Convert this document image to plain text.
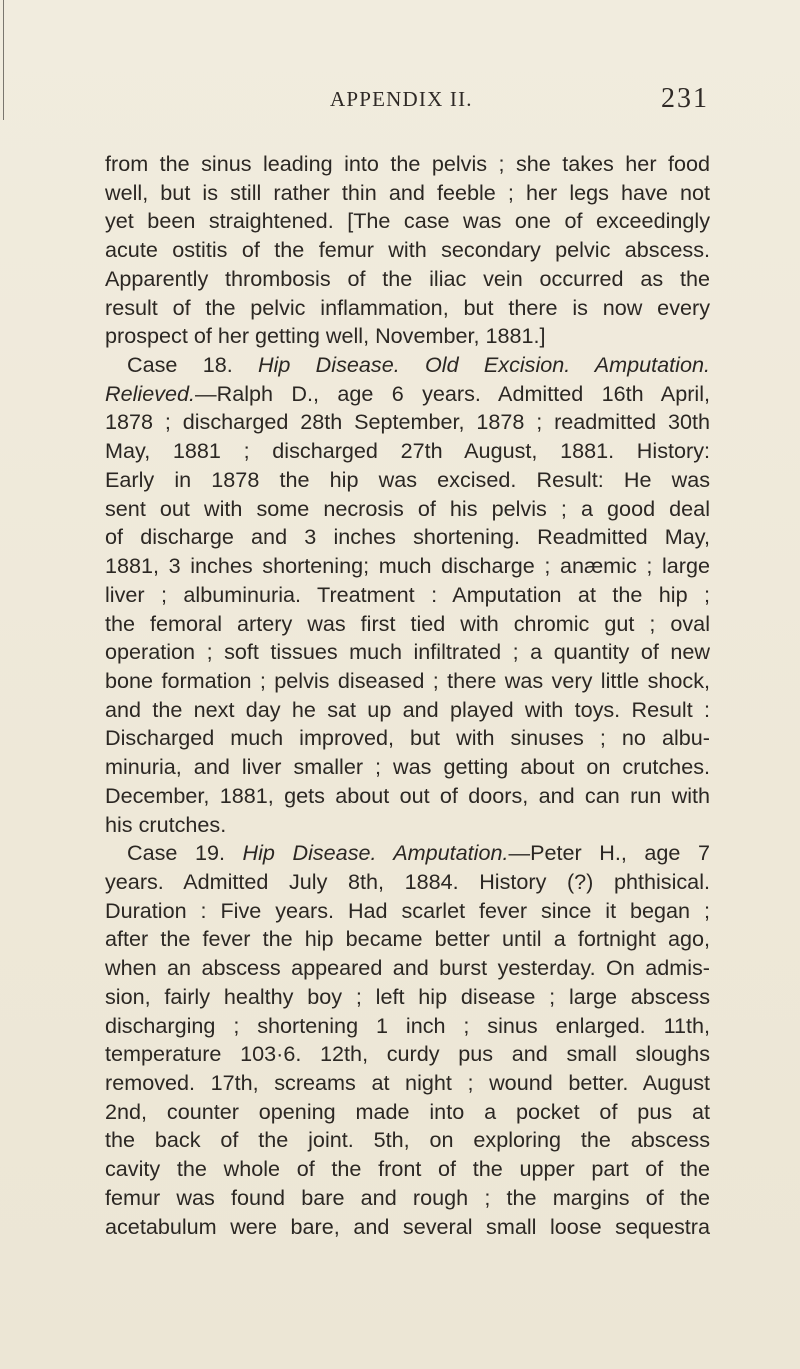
APPENDIX II.	231
from the sinus leading into the pelvis ; she takes her food
well, but is still rather thin and feeble ; her legs have not
yet been straightened. [The case was one of exceedingly
acute ostitis of the femur with secondary pelvic abscess.
Apparently thrombosis of the iliac vein occurred as the
result of the pelvic inflammation, but there is now every
prospect of her getting well, November, 1881.]
Case 18. Hip Disease. Old Excision. Amputation.
Relieved.—Ralph D., age 6 years. Admitted 16th April,
1878 ; discharged 28th September, 1878 ; readmitted 30th
May, 1881 ; discharged 27th August, 1881. History:
Early in 1878 the hip was excised. Result: He was
sent out with some necrosis of his pelvis ; a good deal
of discharge and 3 inches shortening. Readmitted May,
1881, 3 inches shortening; much discharge ; anæmic ; large
liver ; albuminuria. Treatment : Amputation at the hip ;
the femoral artery was first tied with chromic gut ; oval
operation ; soft tissues much infiltrated ; a quantity of new
bone formation ; pelvis diseased ; there was very little shock,
and the next day he sat up and played with toys. Result :
Discharged much improved, but with sinuses ; no albu-
minuria, and liver smaller ; was getting about on crutches.
December, 1881, gets about out of doors, and can run with
his crutches.
Case 19. Hip Disease. Amputation.—Peter H., age 7
years. Admitted July 8th, 1884. History (?) phthisical.
Duration : Five years. Had scarlet fever since it began ;
after the fever the hip became better until a fortnight ago,
when an abscess appeared and burst yesterday. On admis-
sion, fairly healthy boy ; left hip disease ; large abscess
discharging ; shortening 1 inch ; sinus enlarged. 11th,
temperature 103·6. 12th, curdy pus and small sloughs
removed. 17th, screams at night ; wound better. August
2nd, counter opening made into a pocket of pus at
the back of the joint. 5th, on exploring the abscess
cavity the whole of the front of the upper part of the
femur was found bare and rough ; the margins of the
acetabulum were bare, and several small loose sequestra
